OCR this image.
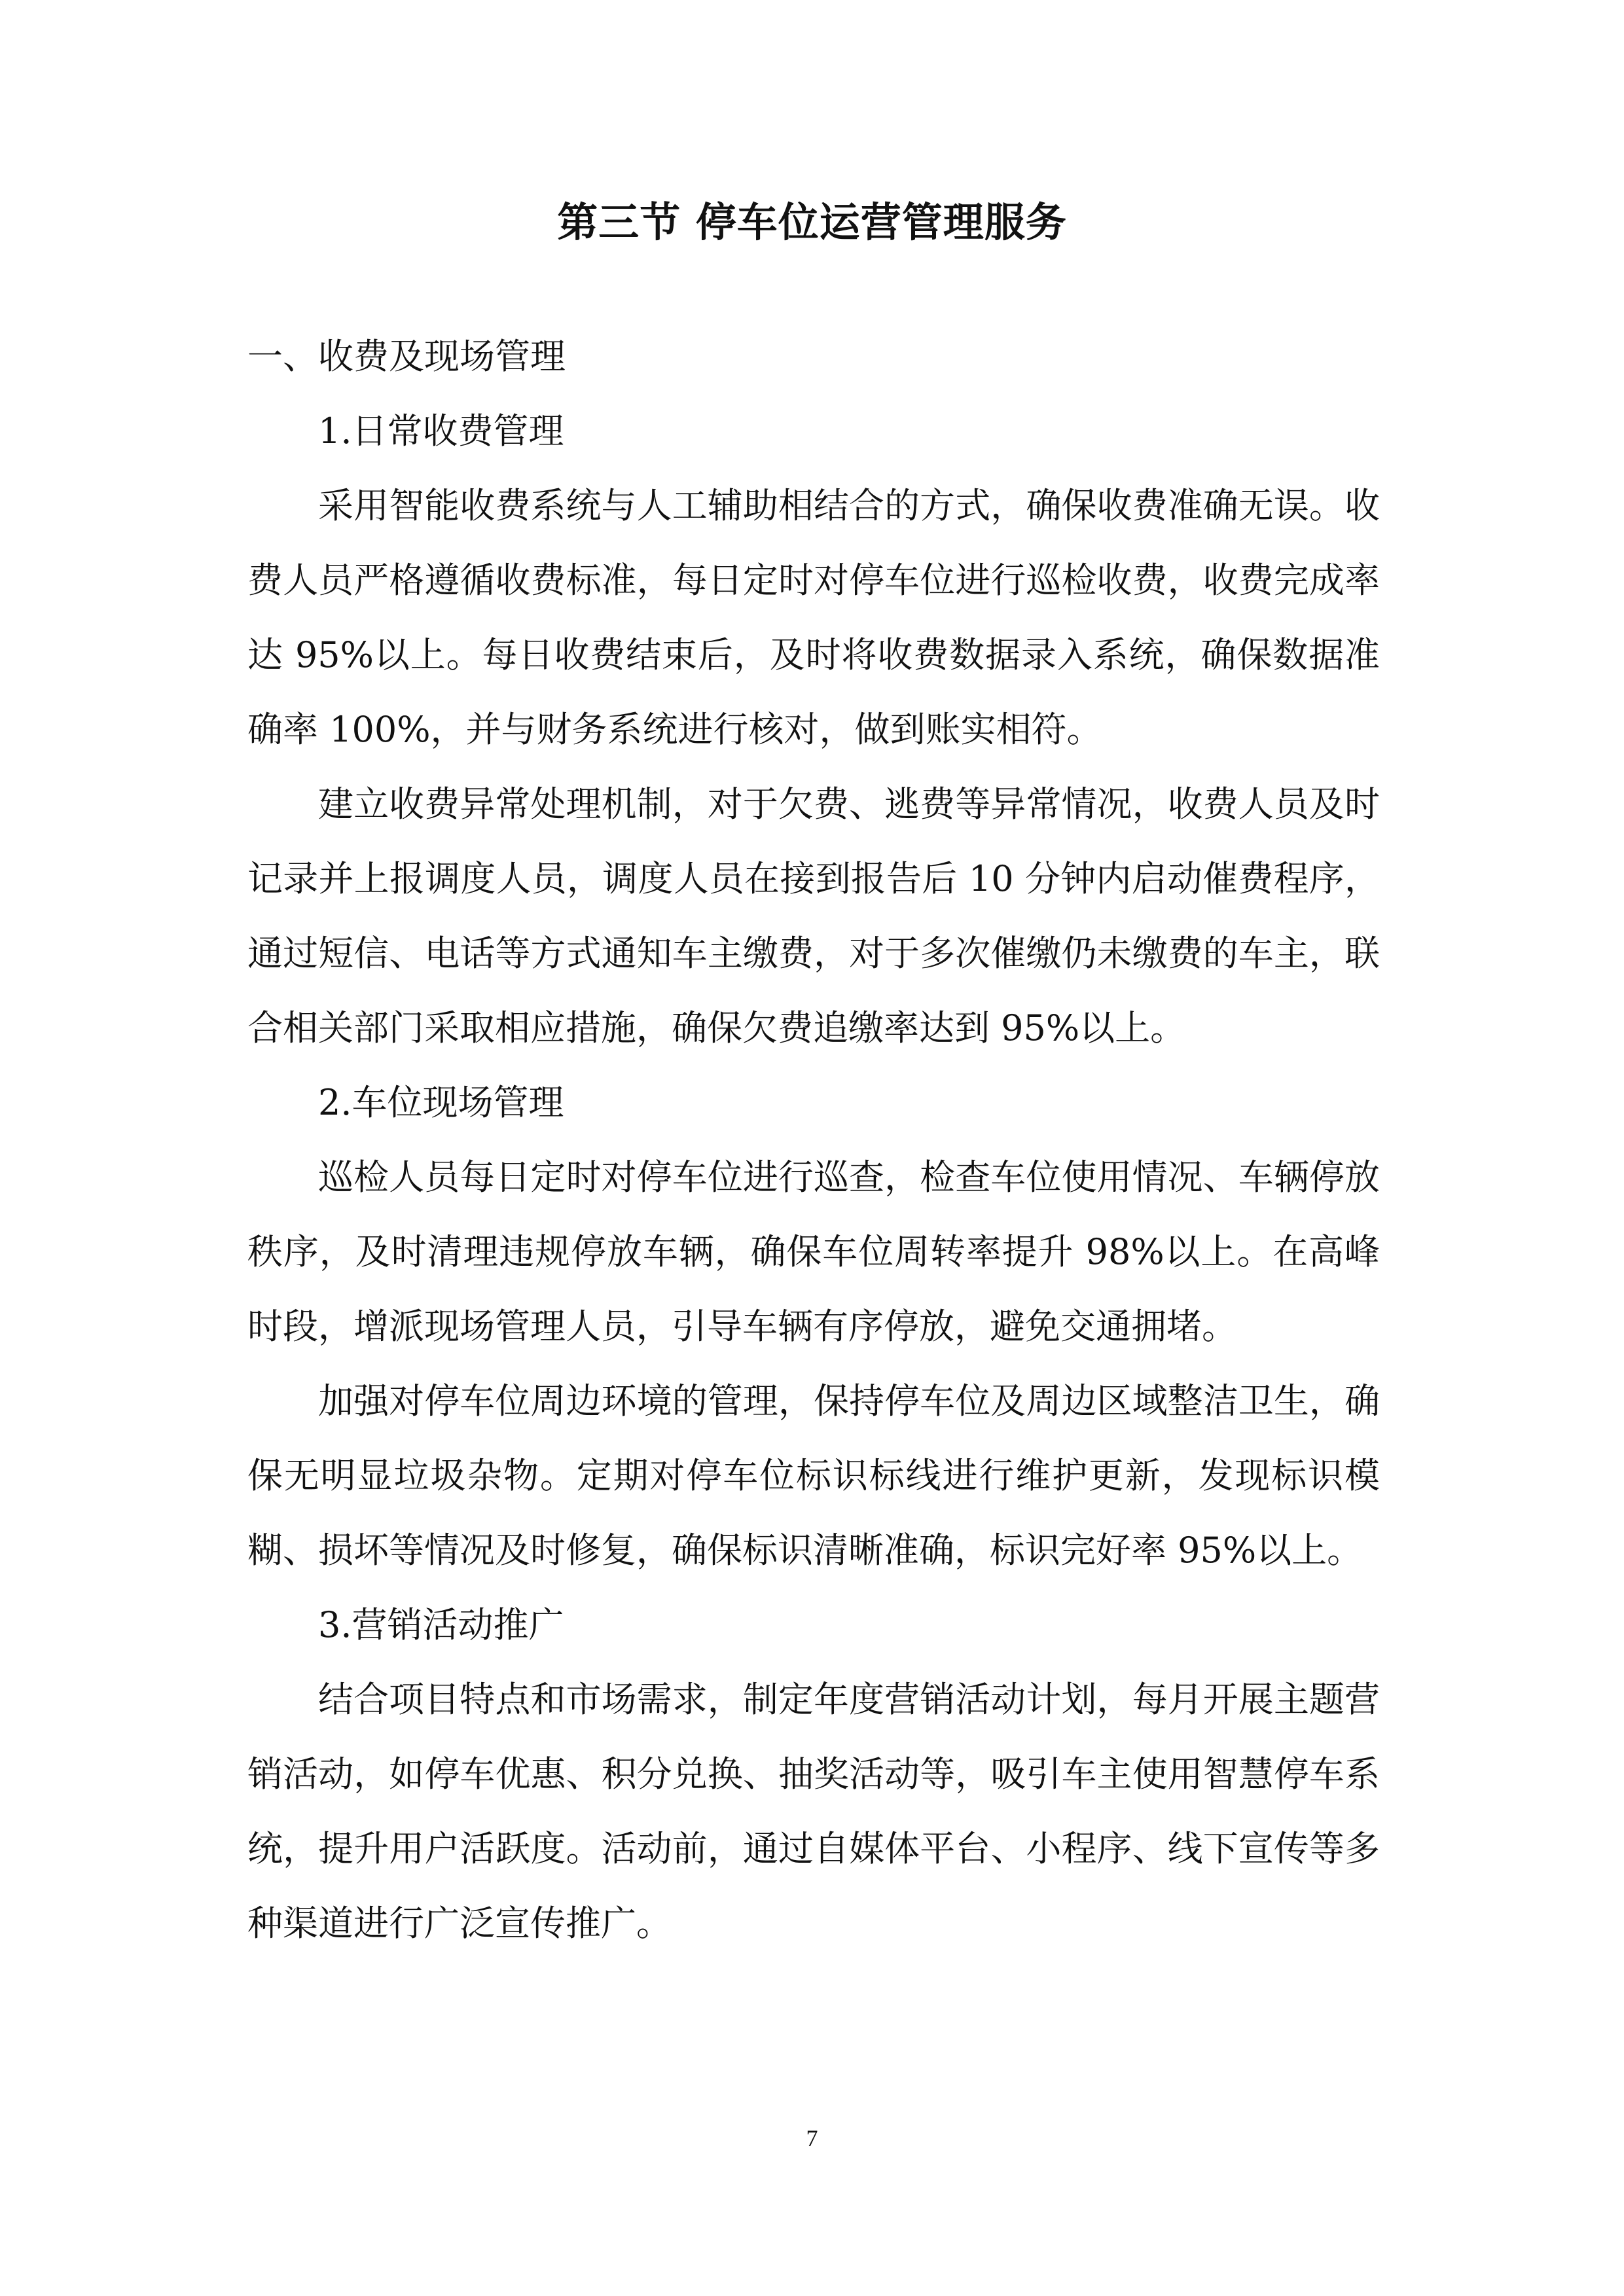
第三节 停车位运营管理服务

一、收费及现场管理

1.日常收费管理

采用智能收费系统与人工辅助相结合的方式，确保收费准确无误。收费人员严格遵循收费标准，每日定时对停车位进行巡检收费，收费完成率达 95%以上。每日收费结束后，及时将收费数据录入系统，确保数据准确率 100%，并与财务系统进行核对，做到账实相符。

建立收费异常处理机制，对于欠费、逃费等异常情况，收费人员及时记录并上报调度人员，调度人员在接到报告后 10 分钟内启动催费程序，通过短信、电话等方式通知车主缴费，对于多次催缴仍未缴费的车主，联合相关部门采取相应措施，确保欠费追缴率达到 95%以上。

2.车位现场管理

巡检人员每日定时对停车位进行巡查，检查车位使用情况、车辆停放秩序，及时清理违规停放车辆，确保车位周转率提升 98%以上。在高峰时段，增派现场管理人员，引导车辆有序停放，避免交通拥堵。

加强对停车位周边环境的管理，保持停车位及周边区域整洁卫生，确保无明显垃圾杂物。定期对停车位标识标线进行维护更新，发现标识模糊、损坏等情况及时修复，确保标识清晰准确，标识完好率 95%以上。

3.营销活动推广

结合项目特点和市场需求，制定年度营销活动计划，每月开展主题营销活动，如停车优惠、积分兑换、抽奖活动等，吸引车主使用智慧停车系统，提升用户活跃度。活动前，通过自媒体平台、小程序、线下宣传等多种渠道进行广泛宣传推广。

7
